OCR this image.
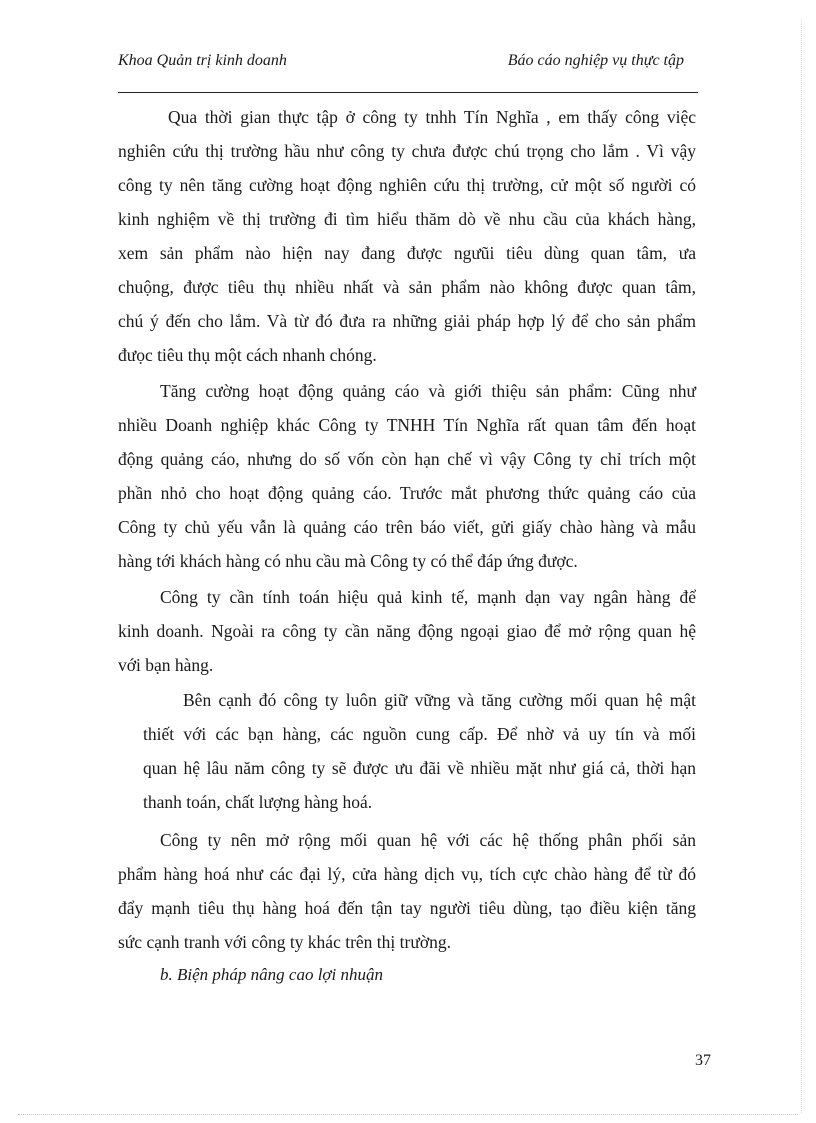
Khoa Quản trị kinh doanh	Báo cáo nghiệp vụ thực tập
Qua thời gian thực tập ở công ty tnhh Tín Nghĩa , em thấy công việc
nghiên cứu thị trường hầu như công ty chưa được chú trọng cho lắm . Vì vậy
công ty nên tăng cường hoạt động nghiên cứu thị trường, cử một số người có
kinh nghiệm về thị trường đi tìm hiểu thăm dò về nhu cầu của khách hàng,
xem sản phẩm nào hiện nay đang được ngưũi tiêu dùng quan tâm, ưa
chuộng, được tiêu thụ nhiều nhất và sản phẩm nào không được quan tâm,
chú ý đến cho lắm. Và từ đó đưa ra những giải pháp hợp lý để cho sản phẩm
đưọc tiêu thụ một cách nhanh chóng.
Tăng cường hoạt động quảng cáo và giới thiệu sản phẩm: Cũng như
nhiều Doanh nghiệp khác Công ty TNHH Tín Nghĩa rất quan tâm đến hoạt
động quảng cáo, nhưng do số vốn còn hạn chế vì vậy Công ty chỉ trích một
phần nhỏ cho hoạt động quảng cáo. Trước mắt phương thức quảng cáo của
Công ty chủ yếu vẫn là quảng cáo trên báo viết, gửi giấy chào hàng và mẫu
hàng tới khách hàng có nhu cầu mà Công ty có thể đáp ứng được.
Công ty cần tính toán hiệu quả kinh tế, mạnh dạn vay ngân hàng để
kinh doanh. Ngoài ra công ty cần năng động ngoại giao để mở rộng quan hệ
với bạn hàng.
Bên cạnh đó công ty luôn giữ vững và tăng cường mối quan hệ mật
thiết với các bạn hàng, các nguồn cung cấp. Để nhờ vả uy tín và mối
quan hệ lâu năm công ty sẽ được ưu đãi về nhiều mặt như giá cả, thời hạn
thanh toán, chất lượng hàng hoá.
Công ty nên mở rộng mối quan hệ với các hệ thống phân phối sản
phẩm hàng hoá như các đại lý, cửa hàng dịch vụ, tích cực chào hàng để từ đó
đẩy mạnh tiêu thụ hàng hoá đến tận tay người tiêu dùng, tạo điều kiện tăng
sức cạnh tranh với công ty khác trên thị trường.
b. Biện pháp nâng cao lợi nhuận
37
